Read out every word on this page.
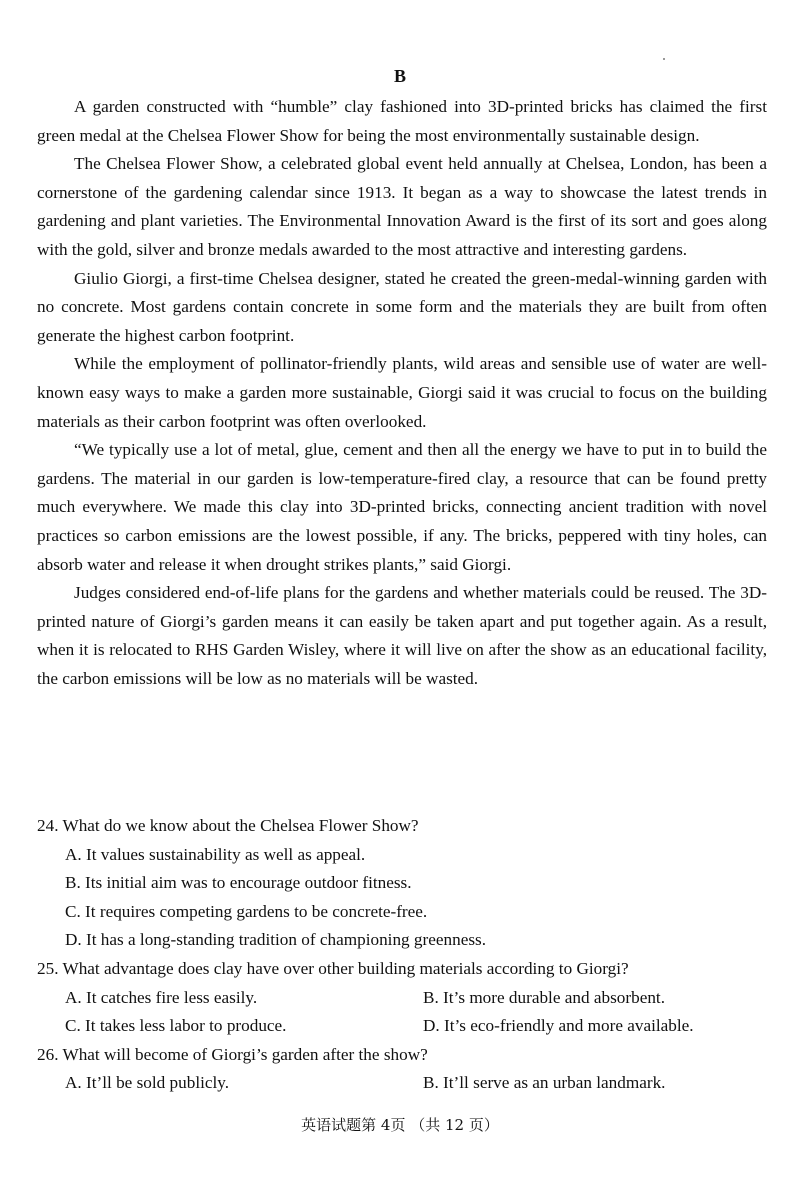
B

A garden constructed with “humble” clay fashioned into 3D-printed bricks has claimed the first green medal at the Chelsea Flower Show for being the most environmentally sustainable design.

The Chelsea Flower Show, a celebrated global event held annually at Chelsea, London, has been a cornerstone of the gardening calendar since 1913. It began as a way to showcase the latest trends in gardening and plant varieties. The Environmental Innovation Award is the first of its sort and goes along with the gold, silver and bronze medals awarded to the most attractive and interesting gardens.

Giulio Giorgi, a first-time Chelsea designer, stated he created the green-medal-winning garden with no concrete. Most gardens contain concrete in some form and the materials they are built from often generate the highest carbon footprint.

While the employment of pollinator-friendly plants, wild areas and sensible use of water are well-known easy ways to make a garden more sustainable, Giorgi said it was crucial to focus on the building materials as their carbon footprint was often overlooked.

“We typically use a lot of metal, glue, cement and then all the energy we have to put in to build the gardens. The material in our garden is low-temperature-fired clay, a resource that can be found pretty much everywhere. We made this clay into 3D-printed bricks, connecting ancient tradition with novel practices so carbon emissions are the lowest possible, if any. The bricks, peppered with tiny holes, can absorb water and release it when drought strikes plants,” said Giorgi.

Judges considered end-of-life plans for the gardens and whether materials could be reused. The 3D-printed nature of Giorgi’s garden means it can easily be taken apart and put together again. As a result, when it is relocated to RHS Garden Wisley, where it will live on after the show as an educational facility, the carbon emissions will be low as no materials will be wasted.

24. What do we know about the Chelsea Flower Show?
A. It values sustainability as well as appeal.
B. Its initial aim was to encourage outdoor fitness.
C. It requires competing gardens to be concrete-free.
D. It has a long-standing tradition of championing greenness.
25. What advantage does clay have over other building materials according to Giorgi?
A. It catches fire less easily.	B. It’s more durable and absorbent.
C. It takes less labor to produce.	D. It’s eco-friendly and more available.
26. What will become of Giorgi’s garden after the show?
A. It’ll be sold publicly.	B. It’ll serve as an urban landmark.
英语试题第 4页 （共 12 页）
